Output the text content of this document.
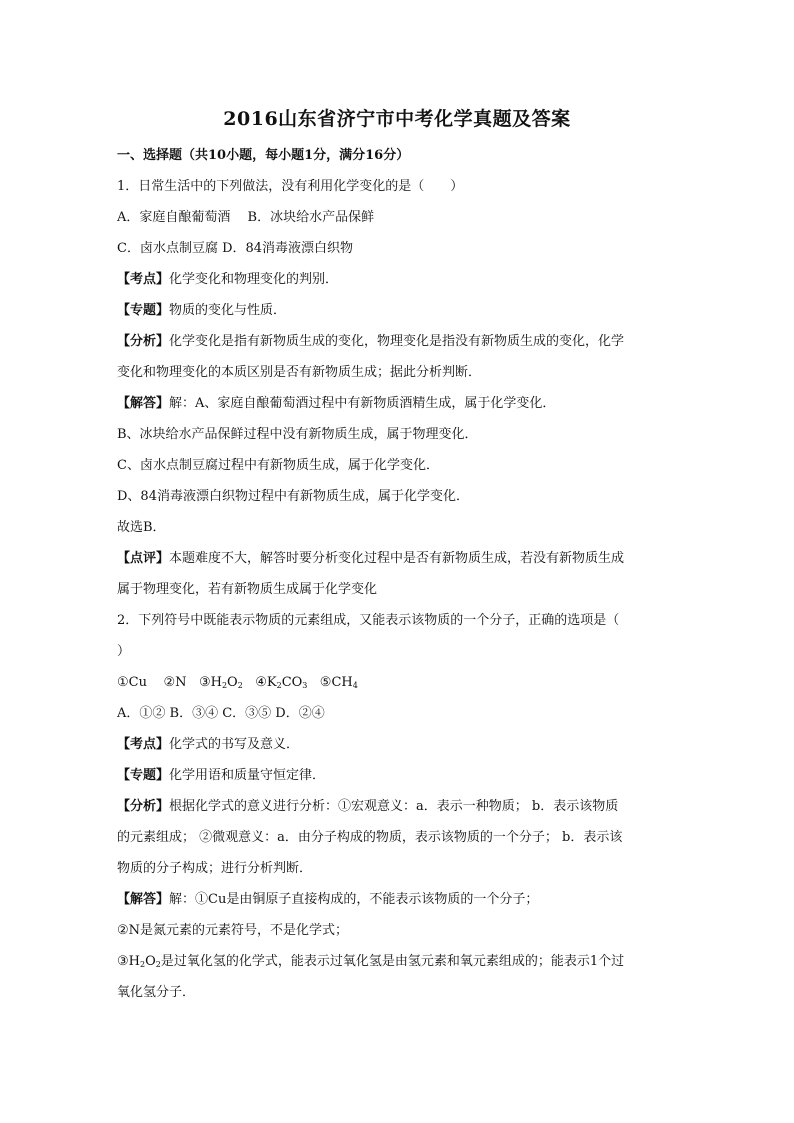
2016山东省济宁市中考化学真题及答案
一、选择题（共10小题，每小题1分，满分16分）
1．日常生活中的下列做法，没有利用化学变化的是（　　）
A．家庭自酿葡萄酒　 B．冰块给水产品保鲜
C．卤水点制豆腐 D．84消毒液漂白织物
【考点】化学变化和物理变化的判别．
【专题】物质的变化与性质．
【分析】化学变化是指有新物质生成的变化，物理变化是指没有新物质生成的变化，化学
变化和物理变化的本质区别是否有新物质生成；据此分析判断．
【解答】解：A、家庭自酿葡萄酒过程中有新物质酒精生成，属于化学变化．
B、冰块给水产品保鲜过程中没有新物质生成，属于物理变化．
C、卤水点制豆腐过程中有新物质生成，属于化学变化．
D、84消毒液漂白织物过程中有新物质生成，属于化学变化．
故选B．
【点评】本题难度不大，解答时要分析变化过程中是否有新物质生成，若没有新物质生成
属于物理变化，若有新物质生成属于化学变化
2．下列符号中既能表示物质的元素组成，又能表示该物质的一个分子，正确的选项是（
）
①Cu ②N $③H_2O_2$ $④K_2CO_3$ $⑤CH_4$
A．①② B．③④ C．③⑤ D．②④
【考点】化学式的书写及意义．
【专题】化学用语和质量守恒定律．
【分析】根据化学式的意义进行分析：①宏观意义：a．表示一种物质； b．表示该物质
的元素组成； ②微观意义：a．由分子构成的物质，表示该物质的一个分子； b．表示该
物质的分子构成；进行分析判断．
【解答】解：①Cu是由铜原子直接构成的，不能表示该物质的一个分子；
②N是氮元素的元素符号，不是化学式；
$③H_2O_2$是过氧化氢的化学式，能表示过氧化氢是由氢元素和氧元素组成的；能表示1个过
氧化氢分子．
